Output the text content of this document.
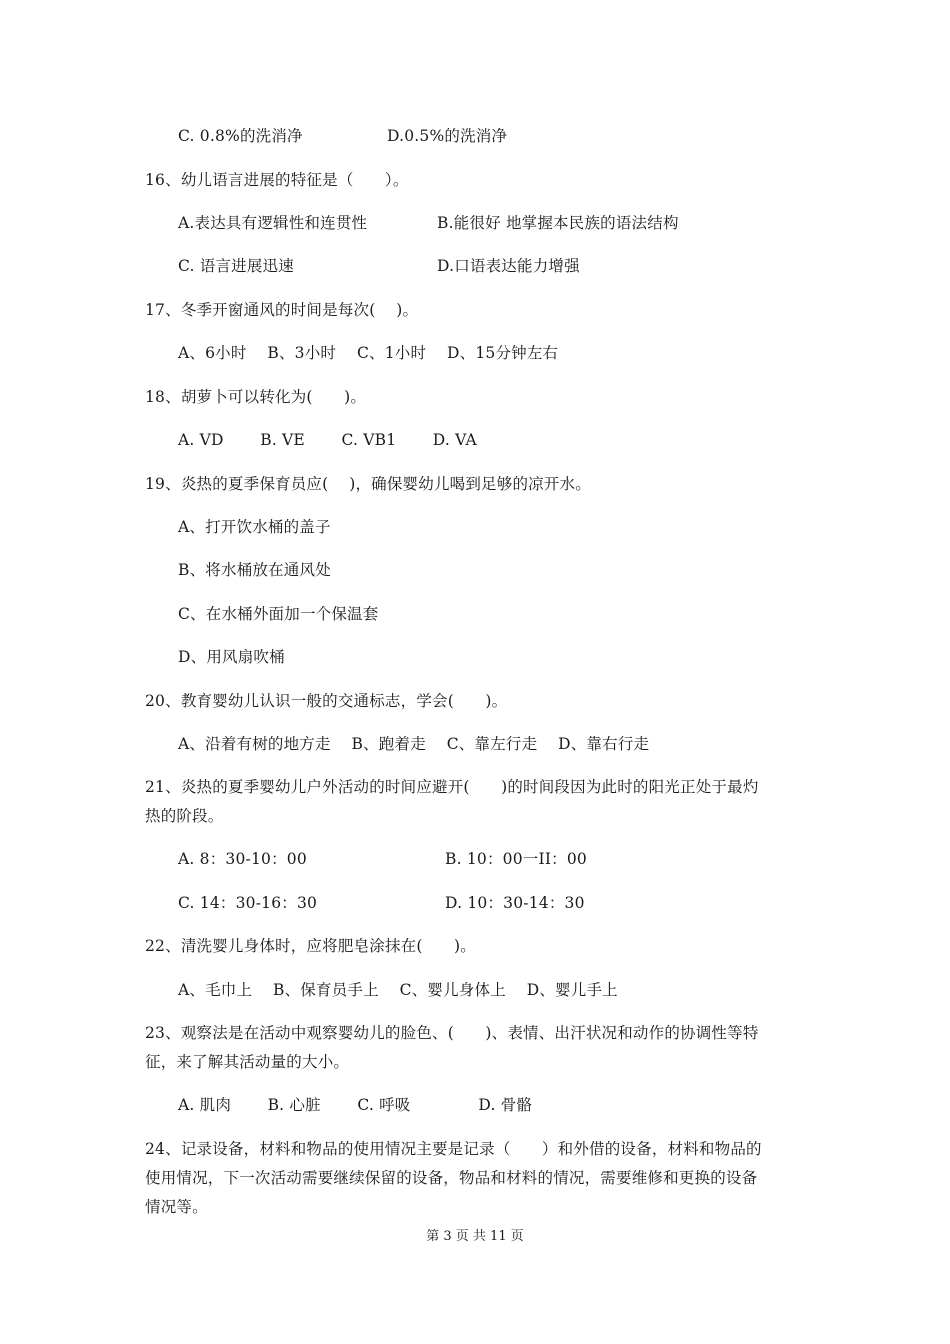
C. 0.8%的洗消净	D.0.5%的洗消净
16、幼儿语言进展的特征是（　　）。
A.表达具有逻辑性和连贯性	B.能很好 地掌握本民族的语法结构
C. 语言进展迅速	D.口语表达能力增强
17、冬季开窗通风的时间是每次(　 )。
A、6小时　 B、3小时　 C、1小时　 D、15分钟左右
18、胡萝卜可以转化为(　　)。
A. VD　　 B. VE　　 C. VB1　　 D. VA
19、炎热的夏季保育员应(　 )，确保婴幼儿喝到足够的凉开水。
A、打开饮水桶的盖子
B、将水桶放在通风处
C、在水桶外面加一个保温套
D、用风扇吹桶
20、教育婴幼儿认识一般的交通标志，学会(　　)。
A、沿着有树的地方走　 B、跑着走　 C、靠左行走　 D、靠右行走
21、炎热的夏季婴幼儿户外活动的时间应避开(　　)的时间段因为此时的阳光正处于最灼
热的阶段。
A. 8：30-10：00	B. 10：00一II：00
C. 14：30-16：30	D. 10：30-14：30
22、清洗婴儿身体时，应将肥皂涂抹在(　　)。
A、毛巾上　 B、保育员手上　 C、婴儿身体上　 D、婴儿手上
23、观察法是在活动中观察婴幼儿的脸色、(　　)、表情、出汗状况和动作的协调性等特
征，来了解其活动量的大小。
A. 肌肉　　 B. 心脏　　 C. 呼吸　　　　 D. 骨骼
24、记录设备，材料和物品的使用情况主要是记录（　　）和外借的设备，材料和物品的
使用情况，下一次活动需要继续保留的设备，物品和材料的情况，需要维修和更换的设备
情况等。
第 3 页 共 11 页
